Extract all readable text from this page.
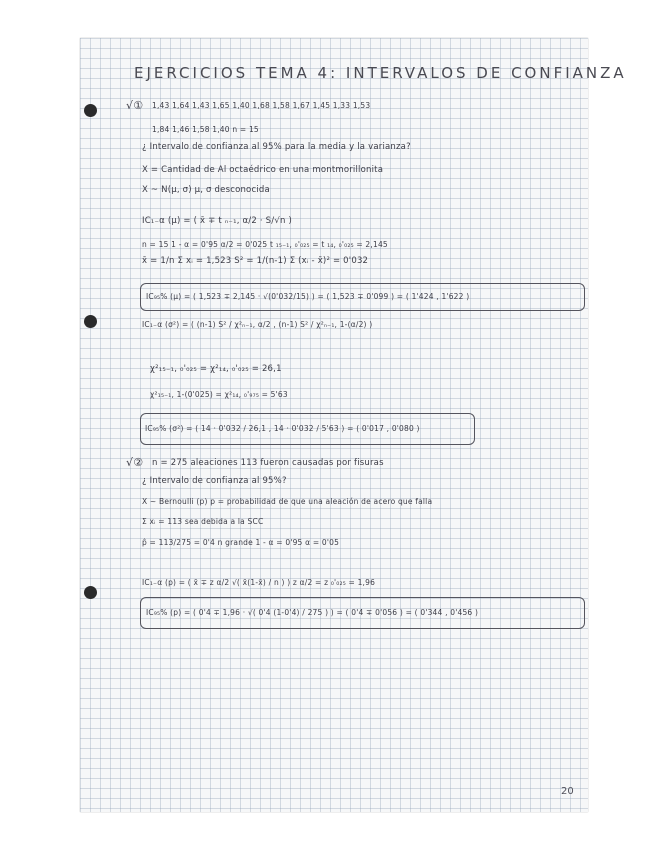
EJERCICIOS TEMA 4: INTERVALOS DE CONFIANZA
√① 1,43 1,64 1,43 1,65 1,40 1,68 1,58 1,67 1,45 1,33 1,53
1,84 1,46 1,58 1,40 n = 15
¿ Intervalo de confianza al 95% para la media y la varianza?
X = Cantidad de Al octaédrico en una montmorillonita
X ~ N(μ, σ) μ, σ desconocida
IC₁₋α (μ) = ( x̄ ∓ t ₙ₋₁, α/2 · S/√n )
n = 15 1 - α = 0'95 α/2 = 0'025 t ₁₅₋₁, ₀'₀₂₅ = t ₁₄, ₀'₀₂₅ = 2,145
x̄ = 1/n Σ xᵢ = 1,523 S² = 1/(n-1) Σ (xᵢ - x̄)² = 0'032
IC₉₅% (μ) = ( 1,523 ∓ 2,145 · √(0'032/15) ) = ( 1,523 ∓ 0'099 ) = ( 1'424 , 1'622 )
IC₁₋α (σ²) = ( (n-1) S² / χ²ₙ₋₁, α/2 , (n-1) S² / χ²ₙ₋₁, 1-(α/2) )
χ²₁₅₋₁, ₀'₀₂₅ = χ²₁₄, ₀'₀₂₅ = 26,1
χ²₁₅₋₁, 1-(0'025) = χ²₁₄, ₀'₉₇₅ = 5'63
IC₉₅% (σ²) = ( 14 · 0'032 / 26,1 , 14 · 0'032 / 5'63 ) = ( 0'017 , 0'080 )
√② n = 275 aleaciones 113 fueron causadas por fisuras
¿ Intervalo de confianza al 95%?
X ~ Bernoulli (p) p = probabilidad de que una aleación de acero que falla
Σ xᵢ = 113 sea debida a la SCC
p̂ = 113/275 = 0'4 n grande 1 - α = 0'95 α = 0'05
IC₁₋α (p) = ( x̄ ∓ z α/2 √( x̄(1-x̄) / n ) ) z α/2 = z ₀'₀₂₅ = 1,96
IC₉₅% (p) = ( 0'4 ∓ 1,96 · √( 0'4 (1-0'4) / 275 ) ) = ( 0'4 ∓ 0'056 ) = ( 0'344 , 0'456 )
20
